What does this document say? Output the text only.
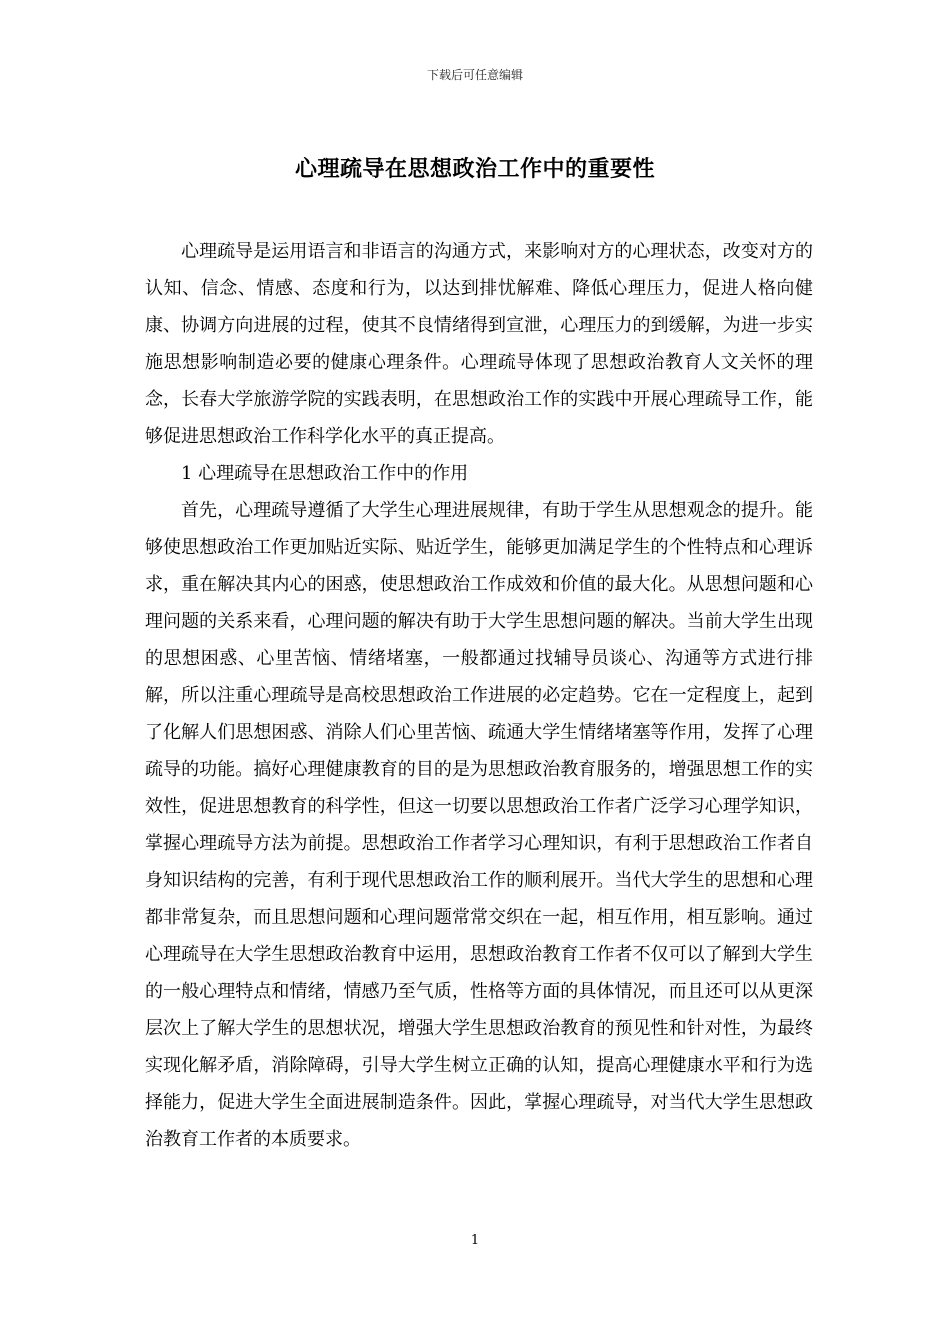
下载后可任意编辑
心理疏导在思想政治工作中的重要性

心理疏导是运用语言和非语言的沟通方式，来影响对方的心理状态，改变对方的认知、信念、情感、态度和行为，以达到排忧解难、降低心理压力，促进人格向健康、协调方向进展的过程，使其不良情绪得到宣泄，心理压力的到缓解，为进一步实施思想影响制造必要的健康心理条件。心理疏导体现了思想政治教育人文关怀的理念，长春大学旅游学院的实践表明，在思想政治工作的实践中开展心理疏导工作，能够促进思想政治工作科学化水平的真正提高。

1 心理疏导在思想政治工作中的作用

首先，心理疏导遵循了大学生心理进展规律，有助于学生从思想观念的提升。能够使思想政治工作更加贴近实际、贴近学生，能够更加满足学生的个性特点和心理诉求，重在解决其内心的困惑，使思想政治工作成效和价值的最大化。从思想问题和心理问题的关系来看，心理问题的解决有助于大学生思想问题的解决。当前大学生出现的思想困惑、心里苦恼、情绪堵塞，一般都通过找辅导员谈心、沟通等方式进行排解，所以注重心理疏导是高校思想政治工作进展的必定趋势。它在一定程度上，起到了化解人们思想困惑、消除人们心里苦恼、疏通大学生情绪堵塞等作用，发挥了心理疏导的功能。搞好心理健康教育的目的是为思想政治教育服务的，增强思想工作的实效性，促进思想教育的科学性，但这一切要以思想政治工作者广泛学习心理学知识，掌握心理疏导方法为前提。思想政治工作者学习心理知识，有利于思想政治工作者自身知识结构的完善，有利于现代思想政治工作的顺利展开。当代大学生的思想和心理都非常复杂，而且思想问题和心理问题常常交织在一起，相互作用，相互影响。通过心理疏导在大学生思想政治教育中运用，思想政治教育工作者不仅可以了解到大学生的一般心理特点和情绪，情感乃至气质，性格等方面的具体情况，而且还可以从更深层次上了解大学生的思想状况，增强大学生思想政治教育的预见性和针对性，为最终实现化解矛盾，消除障碍，引导大学生树立正确的认知，提高心理健康水平和行为选择能力，促进大学生全面进展制造条件。因此，掌握心理疏导，对当代大学生思想政治教育工作者的本质要求。

1
